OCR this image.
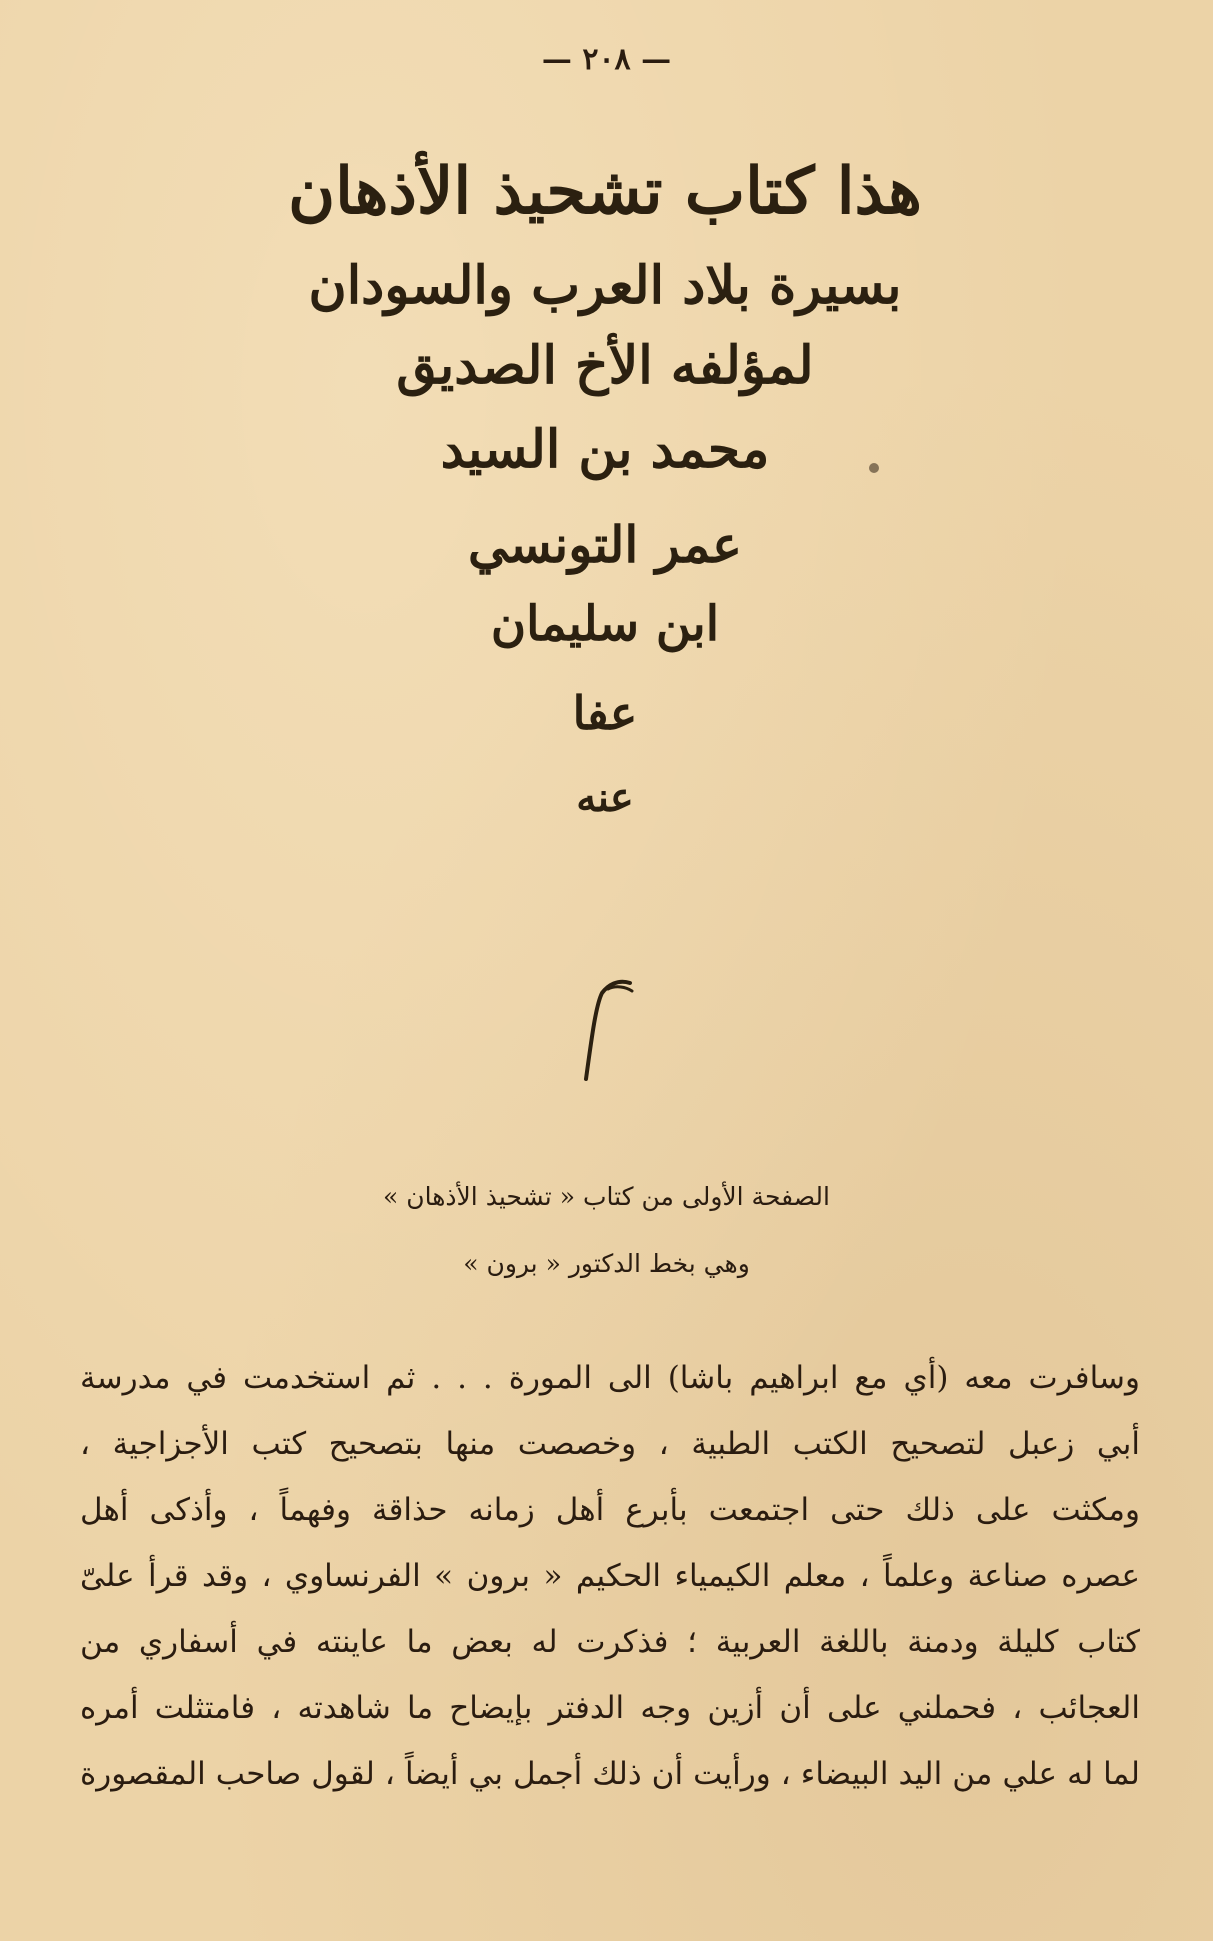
— ٢٠٨ —
هذا كتاب تشحيذ الأذهان
بسيرة بلاد العرب والسودان
لمؤلفه الأخ الصديق
محمد بن السيد
عمر التونسي
ابن سليمان
عفا
عنه
الصفحة الأولى من كتاب « تشحيذ الأذهان »
وهي بخط الدكتور « برون »
وسافرت معه (أي مع ابراهيم باشا) الى المورة . . . ثم استخدمت في مدرسة
أبي زعبل لتصحيح الكتب الطبية ، وخصصت منها بتصحيح كتب الأجزاجية ،
ومكثت على ذلك حتى اجتمعت بأبرع أهل زمانه حذاقة وفهماً ، وأذكى أهل
عصره صناعة وعلماً ، معلم الكيمياء الحكيم « برون » الفرنساوي ، وقد قرأ علىّ
كتاب كليلة ودمنة باللغة العربية ؛ فذكرت له بعض ما عاينته في أسفاري من
العجائب ، فحملني على أن أزين وجه الدفتر بإيضاح ما شاهدته ، فامتثلت أمره
لما له علي من اليد البيضاء ، ورأيت أن ذلك أجمل بي أيضاً ، لقول صاحب المقصورة
